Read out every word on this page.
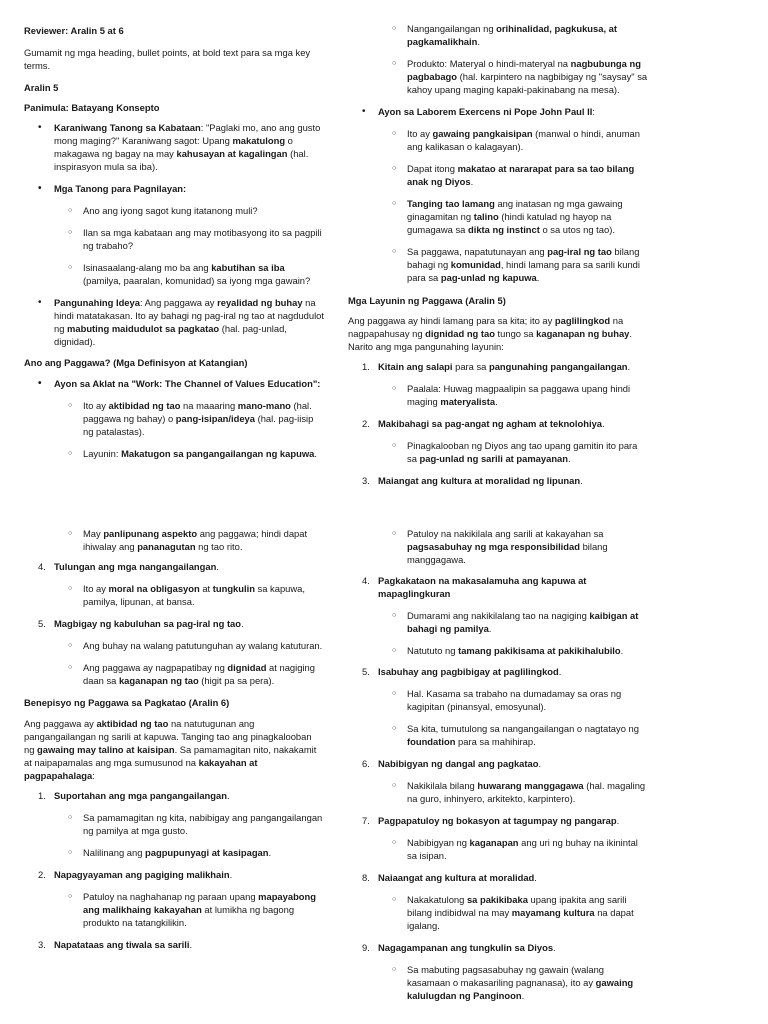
Reviewer: Aralin 5 at 6

Gumamit ng mga heading, bullet points, at bold text para sa mga key terms.

Aralin 5

Panimula: Batayang Konsepto

• Karaniwang Tanong sa Kabataan: "Paglaki mo, ano ang gusto mong maging?" Karaniwang sagot: Upang makatulong o makagawa ng bagay na may kahusayan at kagalingan (hal. inspirasyon mula sa iba).
• Mga Tanong para Pagnilayan:
○ Ano ang iyong sagot kung itatanong muli?
○ Ilan sa mga kabataan ang may motibasyong ito sa pagpili ng trabaho?
○ Isinasaalang-alang mo ba ang kabutihan sa iba (pamilya, paaralan, komunidad) sa iyong mga gawain?
• Pangunahing Ideya: Ang paggawa ay reyalidad ng buhay na hindi matatakasan. Ito ay bahagi ng pag-iral ng tao at nagdudulot ng mabuting maidudulot sa pagkatao (hal. pag-unlad, dignidad).

Ano ang Paggawa? (Mga Definisyon at Katangian)

• Ayon sa Aklat na "Work: The Channel of Values Education":
○ Ito ay aktibidad ng tao na maaaring mano-mano (hal. paggawa ng bahay) o pang-isipan/ideya (hal. pag-iisip ng patalastas).
○ Layunin: Makatugon sa pangangailangan ng kapuwa.
○ Nangangailangan ng orihinalidad, pagkukusa, at pagkamalikhain.
○ Produkto: Materyal o hindi-materyal na nagbubunga ng pagbabago (hal. karpintero na nagbibigay ng "saysay" sa kahoy upang maging kapaki-pakinabang na mesa).
• Ayon sa Laborem Exercens ni Pope John Paul II:
○ Ito ay gawaing pangkaisipan (manwal o hindi, anuman ang kalikasan o kalagayan).
○ Dapat itong makatao at nararapat para sa tao bilang anak ng Diyos.
○ Tanging tao lamang ang inatasan ng mga gawaing ginagamitan ng talino (hindi katulad ng hayop na gumagawa sa dikta ng instinct o sa utos ng tao).
○ Sa paggawa, napatutunayan ang pag-iral ng tao bilang bahagi ng komunidad, hindi lamang para sa sarili kundi para sa pag-unlad ng kapuwa.

Mga Layunin ng Paggawa (Aralin 5)

Ang paggawa ay hindi lamang para sa kita; ito ay paglilingkod na nagpapahusay ng dignidad ng tao tungo sa kaganapan ng buhay. Narito ang mga pangunahing layunin:

1. Kitain ang salapi para sa pangunahing pangangailangan.
○ Paalala: Huwag magpaalipin sa paggawa upang hindi maging materyalista.
2. Makibahagi sa pag-angat ng agham at teknolohiya.
○ Pinagkalooban ng Diyos ang tao upang gamitin ito para sa pag-unlad ng sarili at pamayanan.
3. Maiangat ang kultura at moralidad ng lipunan.
○ May panlipunang aspekto ang paggawa; hindi dapat ihiwalay ang pananagutan ng tao rito.
4. Tulungan ang mga nangangailangan.
○ Ito ay moral na obligasyon at tungkulin sa kapuwa, pamilya, lipunan, at bansa.
5. Magbigay ng kabuluhan sa pag-iral ng tao.
○ Ang buhay na walang patutunguhan ay walang katuturan.
○ Ang paggawa ay nagpapatibay ng dignidad at nagiging daan sa kaganapan ng tao (higit pa sa pera).

Benepisyo ng Paggawa sa Pagkatao (Aralin 6)

Ang paggawa ay aktibidad ng tao na natutugunan ang pangangailangan ng sarili at kapuwa. Tanging tao ang pinagkalooban ng gawaing may talino at kaisipan. Sa pamamagitan nito, nakakamit at naipapamalas ang mga sumusunod na kakayahan at pagpapahalaga:

1. Suportahan ang mga pangangailangan.
○ Sa pamamagitan ng kita, nabibigay ang pangangailangan ng pamilya at mga gusto.
○ Nalilinang ang pagpupunyagi at kasipagan.
2. Napagyayaman ang pagiging malikhain.
○ Patuloy na naghahanap ng paraan upang mapayabong ang malikhaing kakayahan at lumikha ng bagong produkto na tatangkilikin.
3. Napatataas ang tiwala sa sarili.
○ Patuloy na nakikilala ang sarili at kakayahan sa pagsasabuhay ng mga responsibilidad bilang manggagawa.
4. Pagkakataon na makasalamuha ang kapuwa at mapaglingkuran
○ Dumarami ang nakikilalang tao na nagiging kaibigan at bahagi ng pamilya.
○ Natututo ng tamang pakikisama at pakikihalubilo.
5. Isabuhay ang pagbibigay at paglilingkod.
○ Hal. Kasama sa trabaho na dumadamay sa oras ng kagipitan (pinansyal, emosyunal).
○ Sa kita, tumutulong sa nangangailangan o nagtatayo ng foundation para sa mahihirap.
6. Nabibigyan ng dangal ang pagkatao.
○ Nakikilala bilang huwarang manggagawa (hal. magaling na guro, inhinyero, arkitekto, karpintero).
7. Pagpapatuloy ng bokasyon at tagumpay ng pangarap.
○ Nabibigyan ng kaganapan ang uri ng buhay na ikinintal sa isipan.
8. Naiaangat ang kultura at moralidad.
○ Nakakatulong sa pakikibaka upang ipakita ang sarili bilang indibidwal na may mayamang kultura na dapat igalang.
9. Nagagampanan ang tungkulin sa Diyos.
○ Sa mabuting pagsasabuhay ng gawain (walang kasamaan o makasariling pagnanasa), ito ay gawaing kalulugdan ng Panginoon.
